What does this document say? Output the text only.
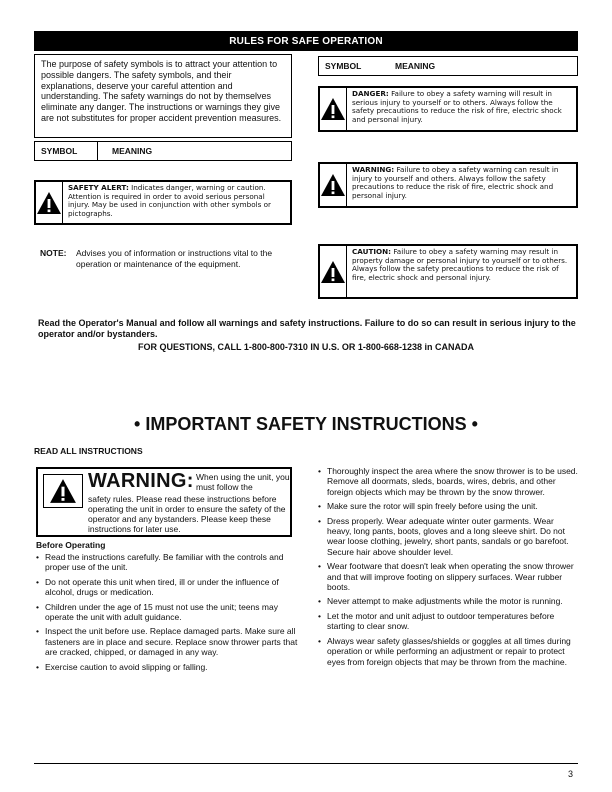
RULES FOR SAFE OPERATION
The purpose of safety symbols is to attract your attention to possible dangers. The safety symbols, and their explanations, deserve your careful attention and understanding. The safety warnings do not by themselves eliminate any danger. The instructions or warnings they give are not substitutes for proper accident prevention measures.
SYMBOL	MEANING
SYMBOL	MEANING
SAFETY ALERT: Indicates danger, warning or caution. Attention is required in order to avoid serious personal injury. May be used in conjunction with other symbols or pictographs.
NOTE: Advises you of information or instructions vital to the operation or maintenance of the equipment.
DANGER: Failure to obey a safety warning will result in serious injury to yourself or to others. Always follow the safety precautions to reduce the risk of fire, electric shock and personal injury.
WARNING: Failure to obey a safety warning can result in injury to yourself and others. Always follow the safety precautions to reduce the risk of fire, electric shock and personal injury.
CAUTION: Failure to obey a safety warning may result in property damage or personal injury to yourself or to others. Always follow the safety precautions to reduce the risk of fire, electric shock and personal injury.
Read the Operator's Manual and follow all warnings and safety instructions. Failure to do so can result in serious injury to the operator and/or bystanders.
FOR QUESTIONS, CALL 1-800-800-7310 IN U.S. OR 1-800-668-1238 in CANADA
• IMPORTANT SAFETY INSTRUCTIONS •
READ ALL INSTRUCTIONS
WARNING: When using the unit, you must follow the
safety rules. Please read these instructions before operating the unit in order to ensure the safety of the operator and any bystanders. Please keep these instructions for later use.
Before Operating
• Read the instructions carefully. Be familiar with the controls and proper use of the unit.
• Do not operate this unit when tired, ill or under the influence of alcohol, drugs or medication.
• Children under the age of 15 must not use the unit; teens may operate the unit with adult guidance.
• Inspect the unit before use. Replace damaged parts. Make sure all fasteners are in place and secure. Replace snow thrower parts that are cracked, chipped, or damaged in any way.
• Exercise caution to avoid slipping or falling.
• Thoroughly inspect the area where the snow thrower is to be used. Remove all doormats, sleds, boards, wires, debris, and other foreign objects which may be thrown by the snow thrower.
• Make sure the rotor will spin freely before using the unit.
• Dress properly. Wear adequate winter outer garments. Wear heavy, long pants, boots, gloves and a long sleeve shirt. Do not wear loose clothing, jewelry, short pants, sandals or go barefoot. Secure hair above shoulder level.
• Wear footware that doesn't leak when operating the snow thrower and that will improve footing on slippery surfaces. Wear rubber boots.
• Never attempt to make adjustments while the motor is running.
• Let the motor and unit adjust to outdoor temperatures before starting to clear snow.
• Always wear safety glasses/shields or goggles at all times during operation or while performing an adjustment or repair to protect eyes from foreign objects that may be thrown from the machine.
3
